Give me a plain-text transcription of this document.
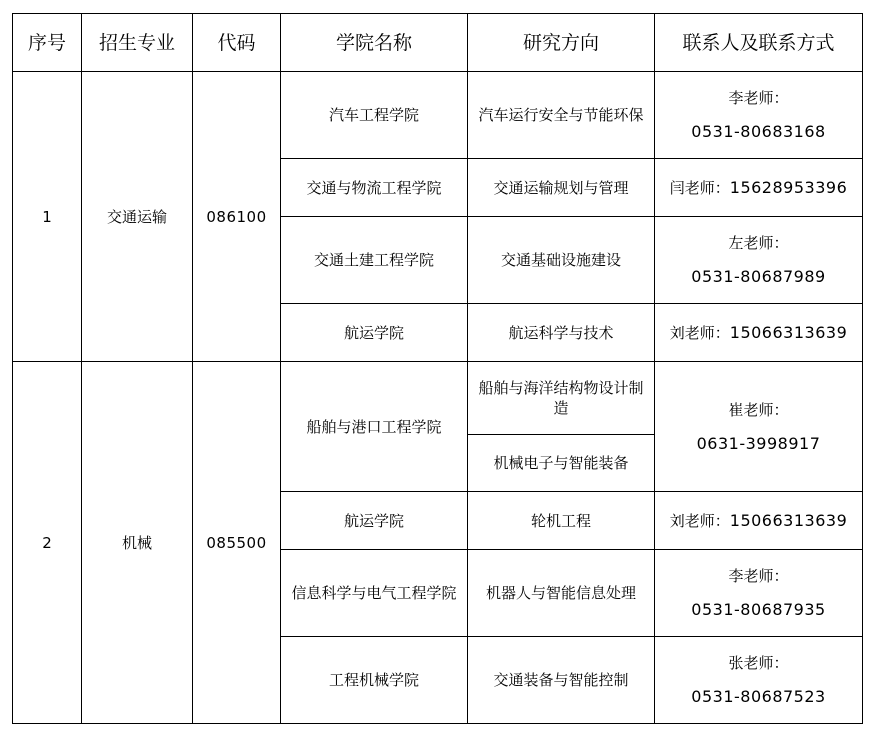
序号	招生专业	代码	学院名称	研究方向	联系人及联系方式
1	交通运输	086100	汽车工程学院	汽车运行安全与节能环保	李老师：
0531-80683168

			交通与物流工程学院	交通运输规划与管理	闫老师：15628953396
			交通土建工程学院	交通基础设施建设	左老师：
0531-80687989

			航运学院	航运科学与技术	刘老师：15066313639
2	机械	085500	船舶与港口工程学院	船舶与海洋结构物设计制造	崔老师：
0631-3998917

				机械电子与智能装备	
			航运学院	轮机工程	刘老师：15066313639
			信息科学与电气工程学院	机器人与智能信息处理	李老师：
0531-80687935

			工程机械学院	交通装备与智能控制	张老师：
0531-80687523
